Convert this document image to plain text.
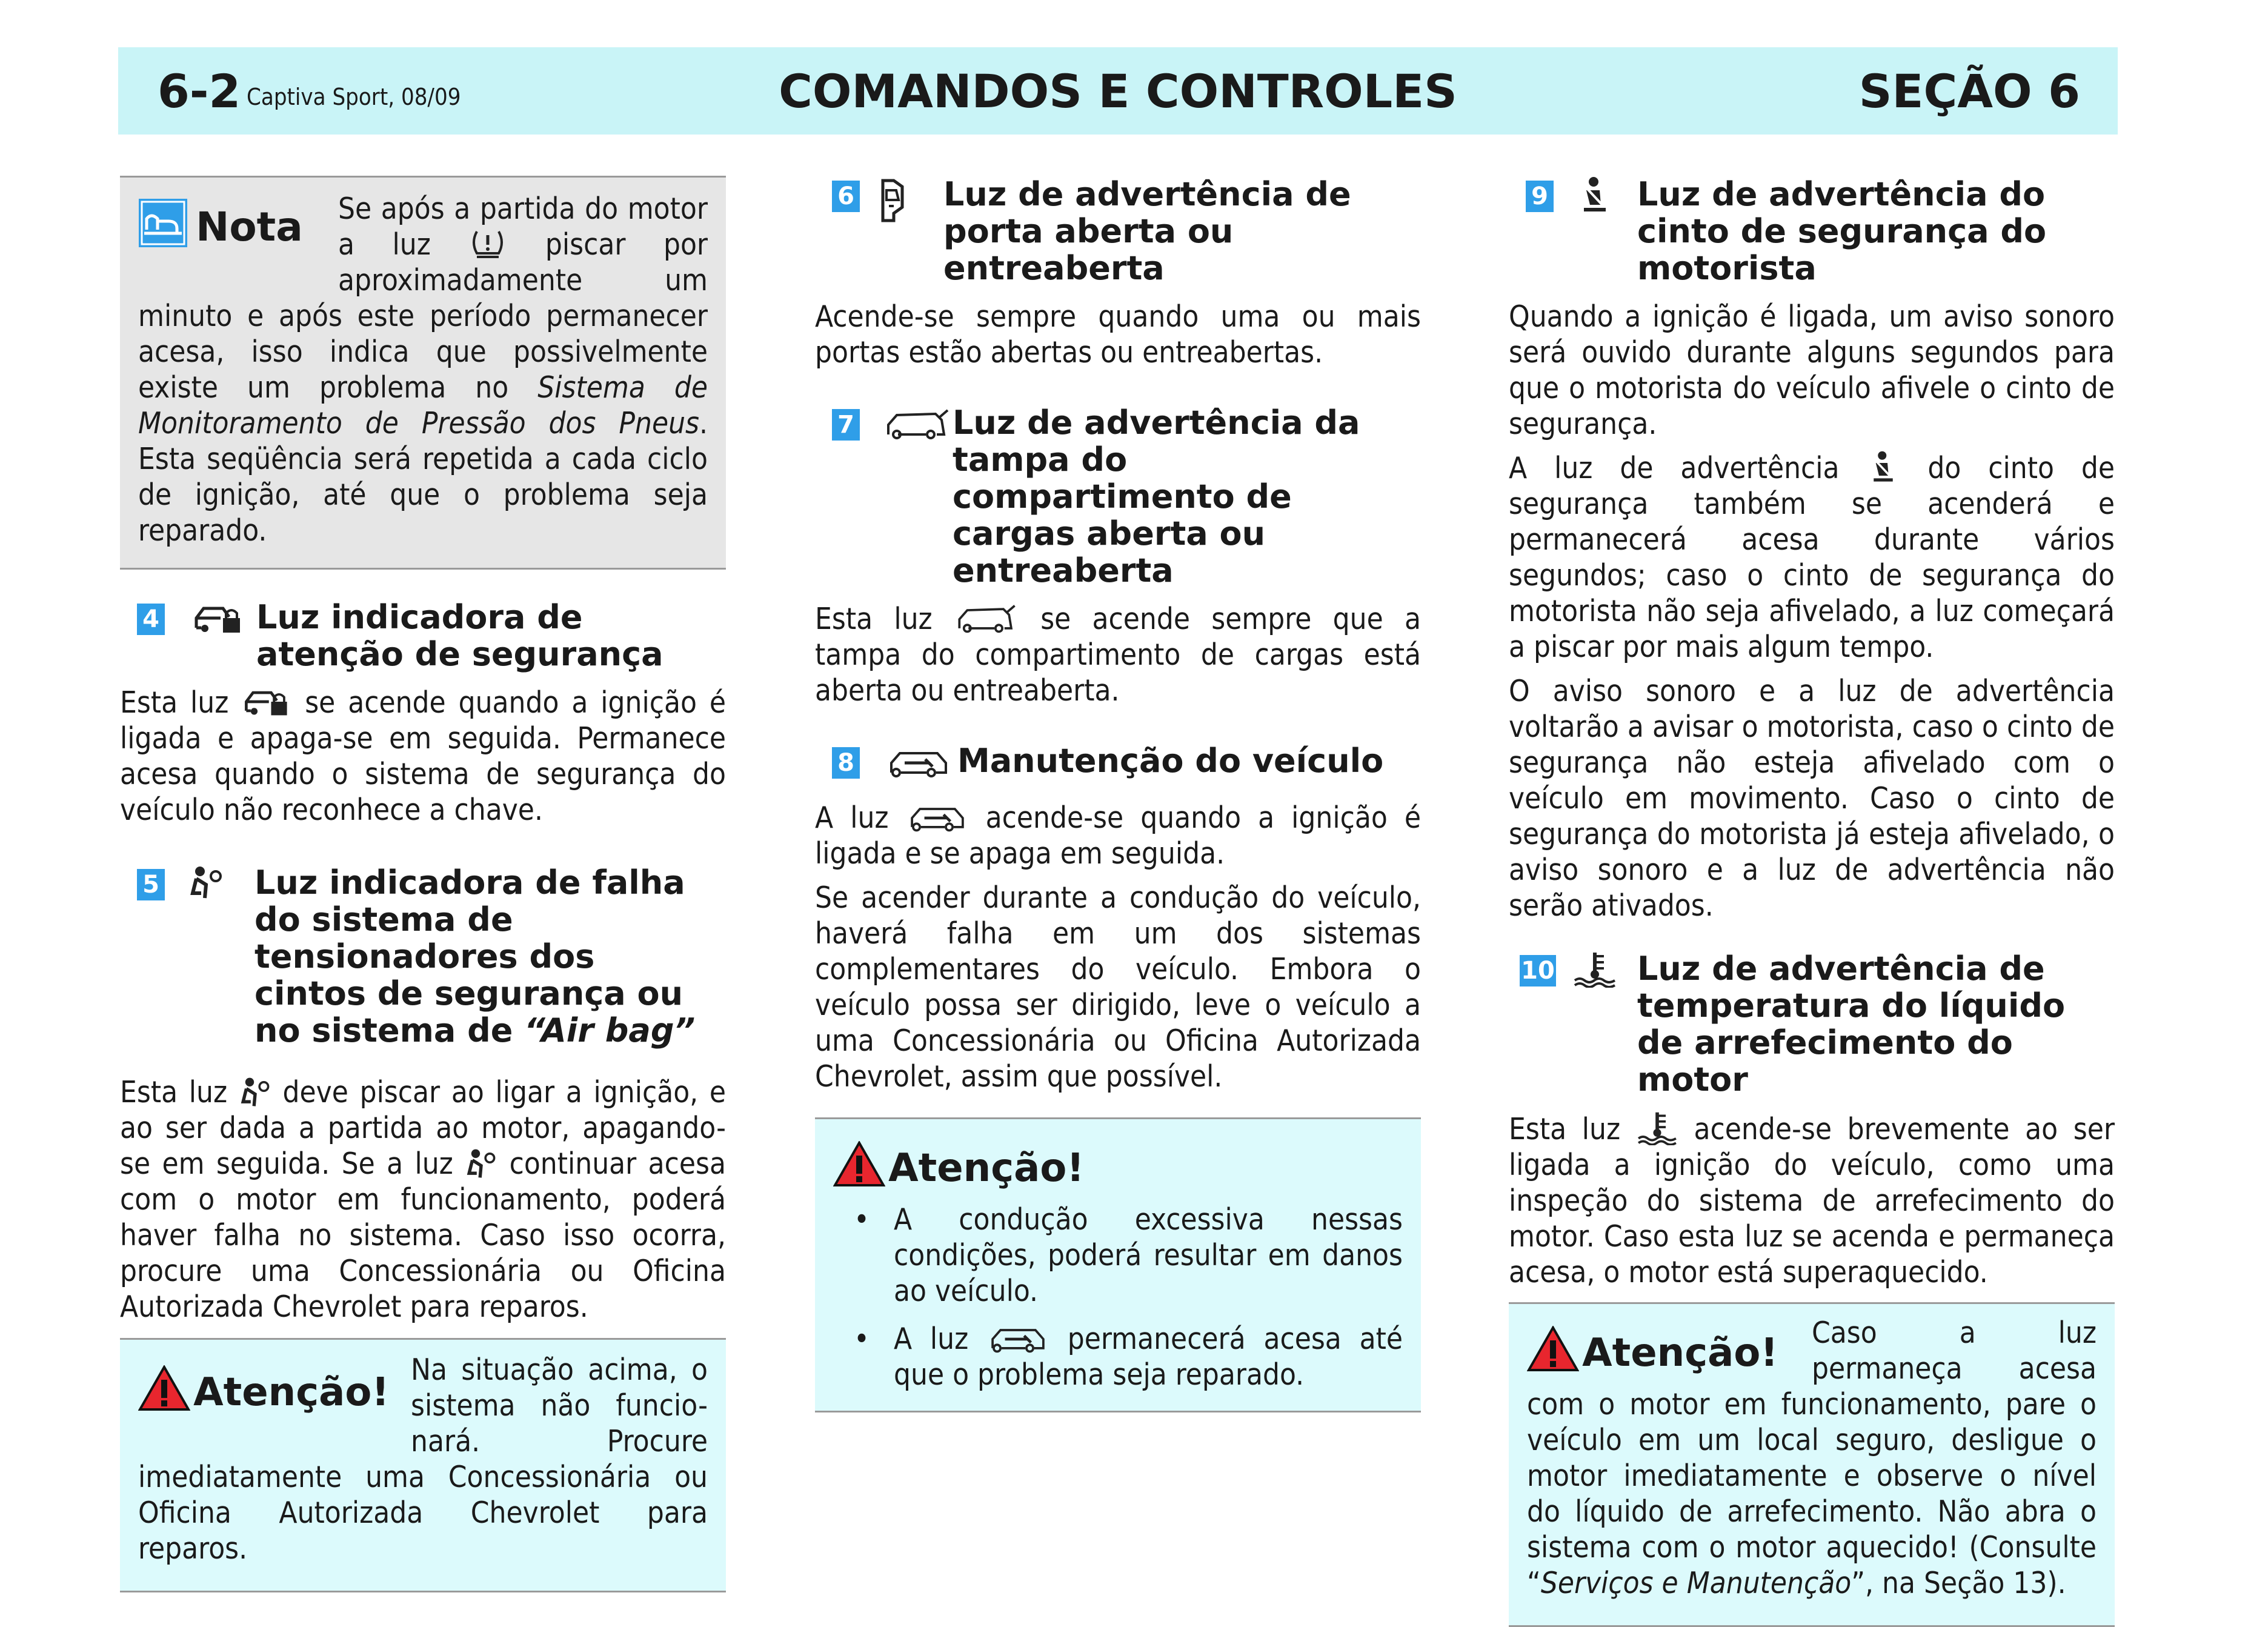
6-2 Captiva Sport, 08/09	COMANDOS E CONTROLES	SEÇÃO 6
Nota	Se após a partida do motor a luz	piscar por aproximadamente um minuto e após este período permanecer acesa, isso indica que possivelmente existe um problema no Sistema de Monitoramento de Pressão dos Pneus. Esta seqüência será repetida a cada ciclo de ignição, até que o problema seja reparado.

4	Luz indicadora de atenção de segurança

Esta luz	se acende quando a ignição é ligada e apaga-se em seguida. Permanece acesa quando o sistema de segurança do veículo não reconhece a chave.

5	Luz indicadora de falha do sistema de tensionadores dos cintos de segurança ou no sistema de “Air bag”

Esta luz deve piscar ao ligar a ignição, e ao ser dada a partida ao motor, apagando-se em seguida. Se a luz continuar acesa com o motor em funcionamento, poderá haver falha no sistema. Caso isso ocorra, procure uma Concessionária ou Oficina Autorizada Chevrolet para reparos.

Atenção!

Na situação acima, o sistema não funcio- nará. Procure imediatamente uma Concessionária ou Oficina Autorizada Chevrolet para reparos.

6	Luz de advertência de porta aberta ou entreaberta

Acende-se sempre quando uma ou mais portas estão abertas ou entreabertas.

7	Luz de advertência da tampa do compartimento de cargas aberta ou entreaberta

Esta luz	se acende sempre que a tampa do compartimento de cargas está aberta ou entreaberta.

8	Manutenção do veículo

A luz	acende-se quando a ignição é ligada e se apaga em seguida.

Se acender durante a condução do veículo, haverá falha em um dos sistemas complementares do veículo. Embora o veículo possa ser dirigido, leve o veículo a uma Concessionária ou Oficina Autorizada Chevrolet, assim que possível.

Atenção!
• A condução excessiva nessas condições, poderá resultar em danos ao veículo.

• A luz	permanecerá acesa até que o problema seja reparado.

9	Luz de advertência do cinto de segurança do motorista

Quando a ignição é ligada, um aviso sonoro será ouvido durante alguns segundos para que o motorista do veículo afivele o cinto de segurança.

A luz de advertência	do cinto de segurança também se acenderá e permanecerá acesa durante vários segundos; caso o cinto de segurança do motorista não seja afivelado, a luz começará a piscar por mais algum tempo.

O aviso sonoro e a luz de advertência voltarão a avisar o motorista, caso o cinto de segurança não esteja afivelado com o veículo em movimento. Caso o cinto de segurança do motorista já esteja afivelado, o aviso sonoro e a luz de advertência não serão ativados.

10	Luz de advertência de temperatura do líquido de arrefecimento do motor

Esta luz acende-se brevemente ao ser ligada a ignição do veículo, como uma inspeção do sistema de arrefecimento do motor. Caso esta luz se acenda e permaneça acesa, o motor está superaquecido.

Atenção!	Caso a luz permaneça acesa com o motor em funcionamento, pare o veículo em um local seguro, desligue o motor imediatamente e observe o nível do líquido de arrefecimento. Não abra o sistema com o motor aquecido! (Consulte “Serviços e Manutenção”, na Seção 13).
